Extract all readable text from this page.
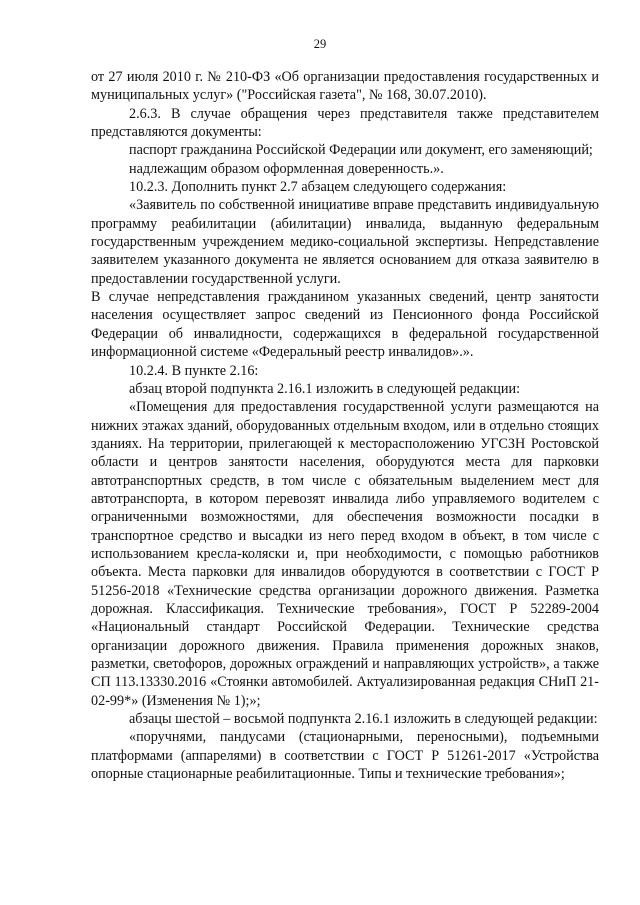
29

от 27 июля 2010 г. № 210-ФЗ «Об организации предоставления государственных и муниципальных услуг» ("Российская газета", № 168, 30.07.2010).

2.6.3. В случае обращения через представителя также представителем представляются документы:

паспорт гражданина Российской Федерации или документ, его заменяющий;

надлежащим образом оформленная доверенность.».

10.2.3. Дополнить пункт 2.7 абзацем следующего содержания:

«Заявитель по собственной инициативе вправе представить индивидуальную программу реабилитации (абилитации) инвалида, выданную федеральным государственным учреждением медико-социальной экспертизы. Непредставление заявителем указанного документа не является основанием для отказа заявителю в предоставлении государственной услуги.

В случае непредставления гражданином указанных сведений, центр занятости населения осуществляет запрос сведений из Пенсионного фонда Российской Федерации об инвалидности, содержащихся в федеральной государственной информационной системе «Федеральный реестр инвалидов».».

10.2.4. В пункте 2.16:

абзац второй подпункта 2.16.1 изложить в следующей редакции:

«Помещения для предоставления государственной услуги размещаются на нижних этажах зданий, оборудованных отдельным входом, или в отдельно стоящих зданиях. На территории, прилегающей к месторасположению УГСЗН Ростовской области и центров занятости населения, оборудуются места для парковки автотранспортных средств, в том числе с обязательным выделением мест для автотранспорта, в котором перевозят инвалида либо управляемого водителем с ограниченными возможностями, для обеспечения возможности посадки в транспортное средство и высадки из него перед входом в объект, в том числе с использованием кресла-коляски и, при необходимости, с помощью работников объекта. Места парковки для инвалидов оборудуются в соответствии с ГОСТ Р 51256-2018 «Технические средства организации дорожного движения. Разметка дорожная. Классификация. Технические требования», ГОСТ Р 52289-2004 «Национальный стандарт Российской Федерации. Технические средства организации дорожного движения. Правила применения дорожных знаков, разметки, светофоров, дорожных ограждений и направляющих устройств», а также СП 113.13330.2016 «Стоянки автомобилей. Актуализированная редакция СНиП 21-02-99*» (Изменения № 1);»;

абзацы шестой – восьмой подпункта 2.16.1 изложить в следующей редакции:

«поручнями, пандусами (стационарными, переносными), подъемными платформами (аппарелями) в соответствии с ГОСТ Р 51261-2017 «Устройства опорные стационарные реабилитационные. Типы и технические требования»;
